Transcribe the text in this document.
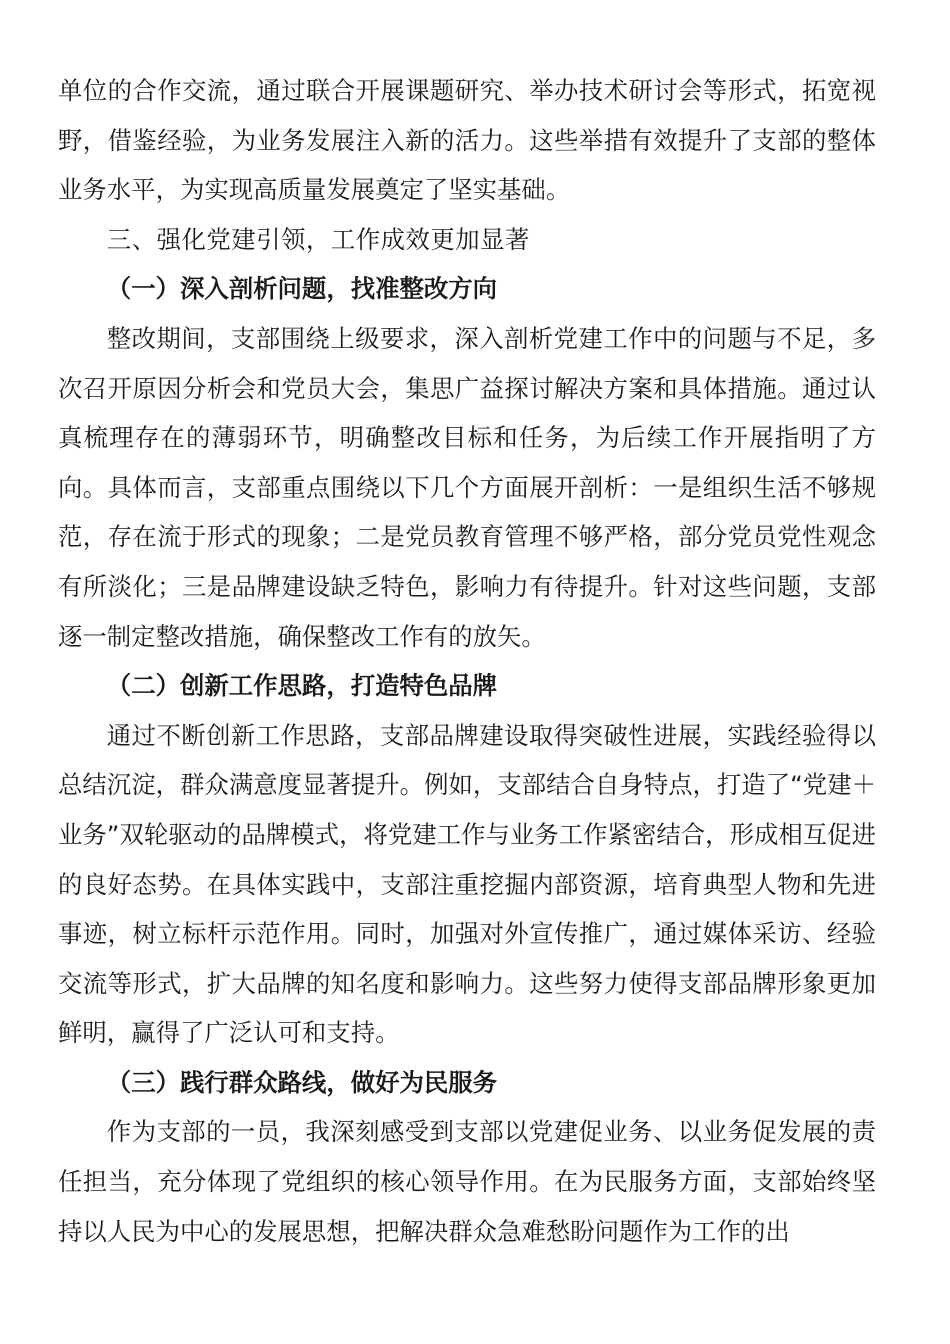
单位的合作交流，通过联合开展课题研究、举办技术研讨会等形式，拓宽视野，借鉴经验，为业务发展注入新的活力。这些举措有效提升了支部的整体业务水平，为实现高质量发展奠定了坚实基础。

三、强化党建引领，工作成效更加显著

（一）深入剖析问题，找准整改方向

整改期间，支部围绕上级要求，深入剖析党建工作中的问题与不足，多次召开原因分析会和党员大会，集思广益探讨解决方案和具体措施。通过认真梳理存在的薄弱环节，明确整改目标和任务，为后续工作开展指明了方向。具体而言，支部重点围绕以下几个方面展开剖析：一是组织生活不够规范，存在流于形式的现象；二是党员教育管理不够严格，部分党员党性观念有所淡化；三是品牌建设缺乏特色，影响力有待提升。针对这些问题，支部逐一制定整改措施，确保整改工作有的放矢。

（二）创新工作思路，打造特色品牌

通过不断创新工作思路，支部品牌建设取得突破性进展，实践经验得以总结沉淀，群众满意度显著提升。例如，支部结合自身特点，打造了“党建＋业务”双轮驱动的品牌模式，将党建工作与业务工作紧密结合，形成相互促进的良好态势。在具体实践中，支部注重挖掘内部资源，培育典型人物和先进事迹，树立标杆示范作用。同时，加强对外宣传推广，通过媒体采访、经验交流等形式，扩大品牌的知名度和影响力。这些努力使得支部品牌形象更加鲜明，赢得了广泛认可和支持。

（三）践行群众路线，做好为民服务

作为支部的一员，我深刻感受到支部以党建促业务、以业务促发展的责任担当，充分体现了党组织的核心领导作用。在为民服务方面，支部始终坚持以人民为中心的发展思想，把解决群众急难愁盼问题作为工作的出
